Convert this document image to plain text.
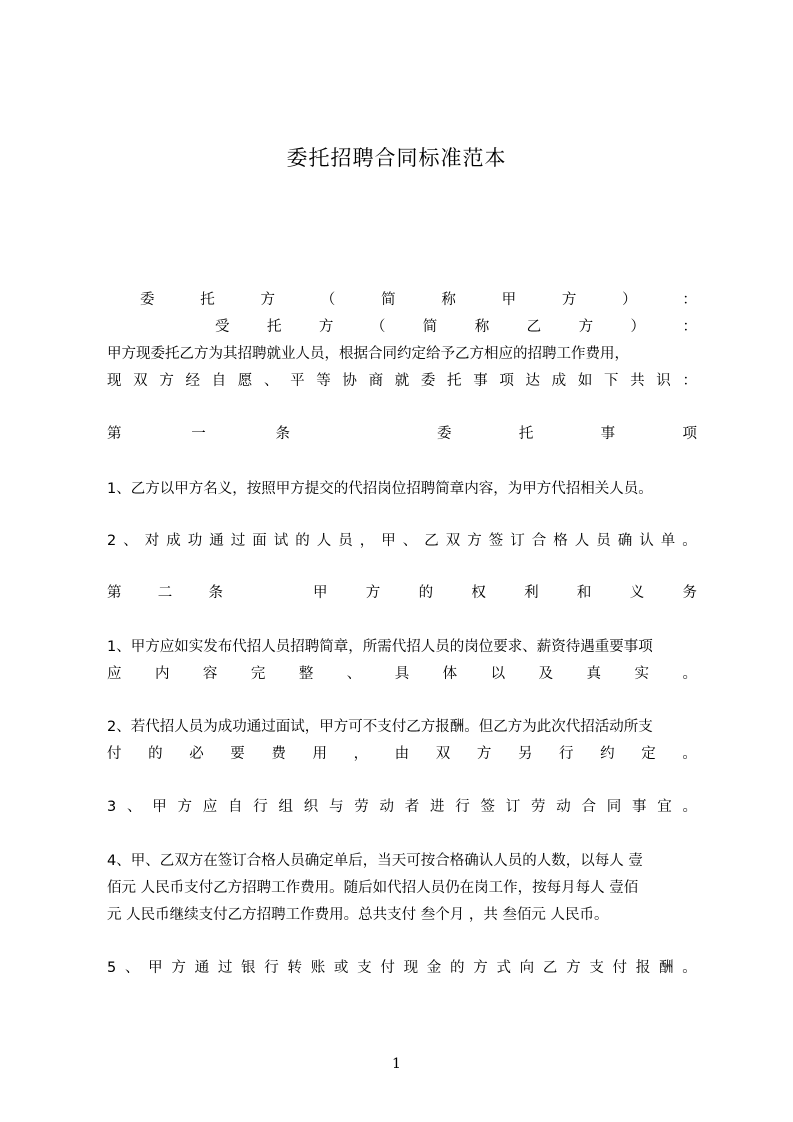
委托招聘合同标准范本
委	托	方	（	简	称	甲	方	）	：
受	托	方	（	简	称	乙	方	）	：
甲方现委托乙方为其招聘就业人员，根据合同约定给予乙方相应的招聘工作费用，
现 双 方 经 自 愿 、 平 等 协 商 就 委 托 事 项 达 成 如 下 共 识 ：
第	一	条	委	托	事	项
1、乙方以甲方名义，按照甲方提交的代招岗位招聘简章内容，为甲方代招相关人员。
2 、 对 成 功 通 过 面 试 的 人 员 ， 甲 、 乙 双 方 签 订 合 格 人 员 确 认 单 。
第	二	条	甲	方	的	权	利	和	义	务
1、甲方应如实发布代招人员招聘简章，所需代招人员的岗位要求、薪资待遇重要事项
应 内 容 完 整 、 具 体 以 及 真 实 。
2、若代招人员为成功通过面试，甲方可不支付乙方报酬。但乙方为此次代招活动所支
付 的 必 要 费 用 ， 由 双 方 另 行 约 定 。
3 、 甲 方 应 自 行 组 织 与 劳 动 者 进 行 签 订 劳 动 合 同 事 宜 。
4、甲、乙双方在签订合格人员确定单后，当天可按合格确认人员的人数，以每人 壹
佰元 人民币支付乙方招聘工作费用。随后如代招人员仍在岗工作，按每月每人 壹佰
元 人民币继续支付乙方招聘工作费用。总共支付 叁个月 ，共 叁佰元 人民币。
5 、 甲 方 通 过 银 行 转 账 或 支 付 现 金 的 方 式 向 乙 方 支 付 报 酬 。
1
